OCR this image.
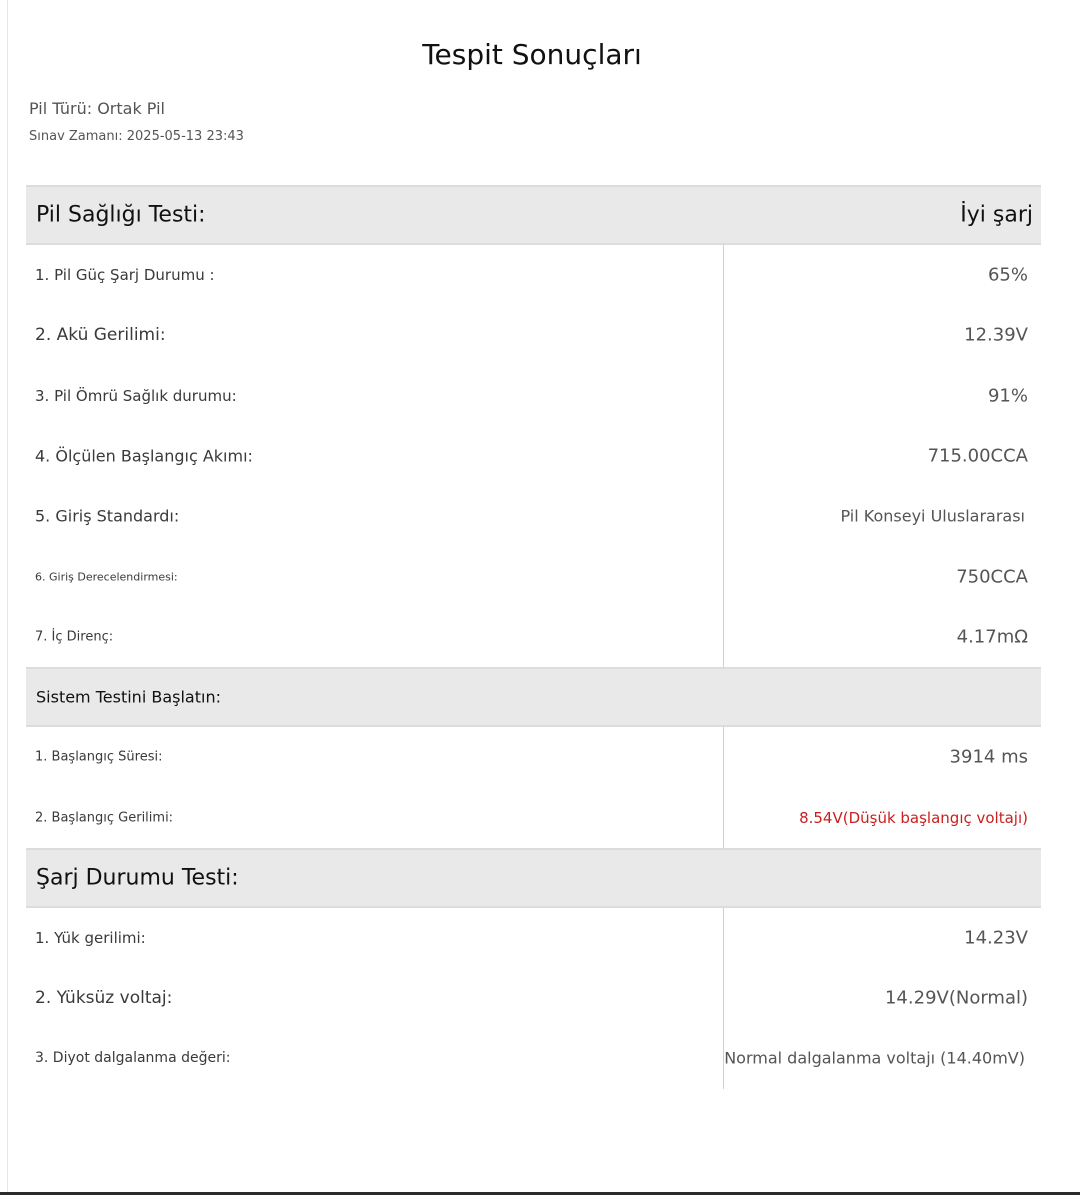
Tespit Sonuçları
Pil Türü: Ortak Pil
Sınav Zamanı: 2025-05-13 23:43
Pil Sağlığı Testi:	İyi şarj
1. Pil Güç Şarj Durumu :	65%
2. Akü Gerilimi:	12.39V
3. Pil Ömrü Sağlık durumu:	91%
4. Ölçülen Başlangıç Akımı:	715.00CCA
5. Giriş Standardı:	Pil Konseyi Uluslararası
6. Giriş Derecelendirmesi:	750CCA
7. İç Direnç:	4.17mΩ
Sistem Testini Başlatın:
1. Başlangıç Süresi:	3914 ms
2. Başlangıç Gerilimi:	8.54V(Düşük başlangıç voltajı)
Şarj Durumu Testi:
1. Yük gerilimi:	14.23V
2. Yüksüz voltaj:	14.29V(Normal)
3. Diyot dalgalanma değeri:	Normal dalgalanma voltajı (14.40mV)
